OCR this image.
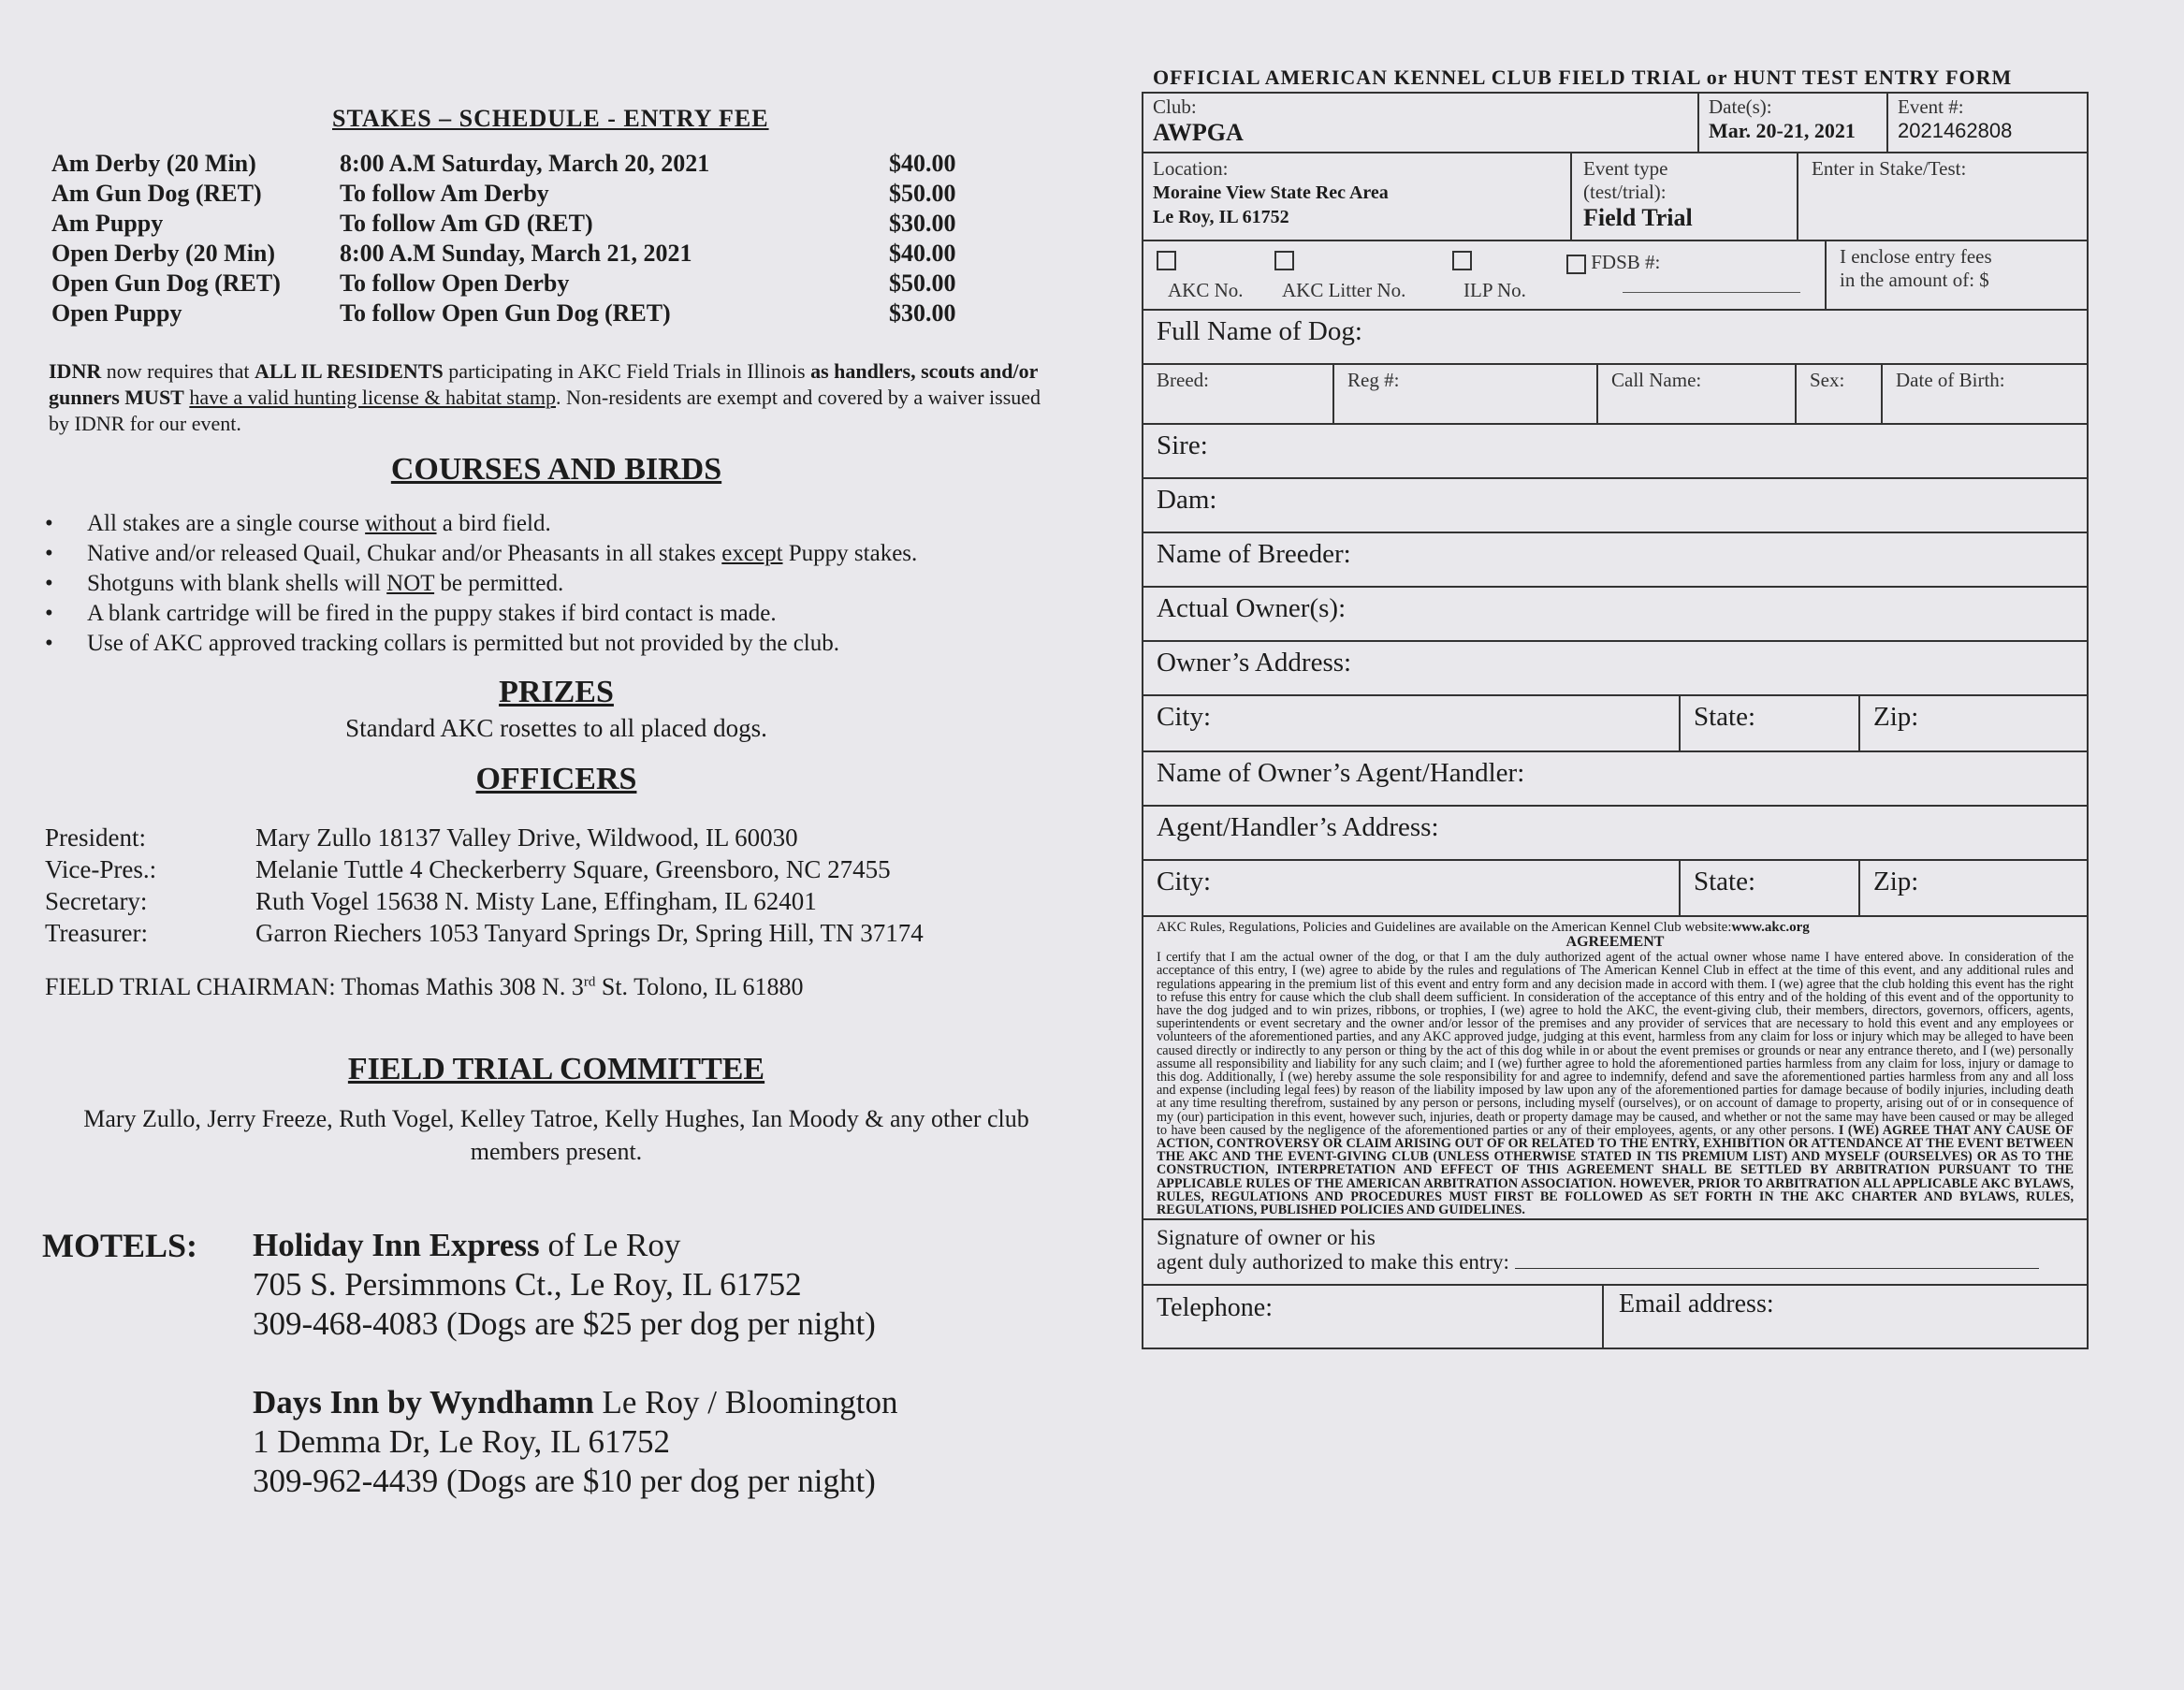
STAKES – SCHEDULE - ENTRY FEE
Am Derby (20 Min)	8:00 A.M Saturday, March 20, 2021	$40.00
Am Gun Dog (RET)	To follow Am Derby	$50.00
Am Puppy	To follow Am GD (RET)	$30.00
Open Derby (20 Min)	8:00 A.M Sunday, March 21, 2021	$40.00
Open Gun Dog (RET) To follow Open Derby	$50.00
Open Puppy	To follow Open Gun Dog (RET)	$30.00
IDNR now requires that ALL IL RESIDENTS participating in AKC Field Trials in Illinois as handlers, scouts and/or gunners MUST have a valid hunting license & habitat stamp. Non-residents are exempt and covered by a waiver issued by IDNR for our event.
COURSES AND BIRDS
• All stakes are a single course without a bird field.
• Native and/or released Quail, Chukar and/or Pheasants in all stakes except Puppy stakes.
• Shotguns with blank shells will NOT be permitted.
• A blank cartridge will be fired in the puppy stakes if bird contact is made.
• Use of AKC approved tracking collars is permitted but not provided by the club.
PRIZES
Standard AKC rosettes to all placed dogs.
OFFICERS
President:	Mary Zullo 18137 Valley Drive, Wildwood, IL 60030
Vice-Pres.:	Melanie Tuttle 4 Checkerberry Square, Greensboro, NC 27455
Secretary:	Ruth Vogel 15638 N. Misty Lane, Effingham, IL 62401
Treasurer:	Garron Riechers 1053 Tanyard Springs Dr, Spring Hill, TN 37174
FIELD TRIAL CHAIRMAN: Thomas Mathis 308 N. 3rd St. Tolono, IL 61880
FIELD TRIAL COMMITTEE
Mary Zullo, Jerry Freeze, Ruth Vogel, Kelley Tatroe, Kelly Hughes, Ian Moody & any other club members present.
MOTELS: Holiday Inn Express of Le Roy
705 S. Persimmons Ct., Le Roy, IL 61752
309-468-4083 (Dogs are $25 per dog per night)
Days Inn by Wyndhamn Le Roy / Bloomington
1 Demma Dr, Le Roy, IL 61752
309-962-4439 (Dogs are $10 per dog per night)
OFFICIAL AMERICAN KENNEL CLUB FIELD TRIAL or HUNT TEST ENTRY FORM
Club:
AWPGA
Date(s):
Mar. 20-21, 2021
Event #:
2021462808
Location:
Moraine View State Rec Area
Le Roy, IL 61752
Event type
(test/trial):
Field Trial
Enter in Stake/Test:
AKC No. AKC Litter No.	ILP No.
FDSB #:	I enclose entry fees
in the amount of: $
Full Name of Dog:
Breed:	Reg #:	Call Name:	Sex:	Date of Birth:
Sire:
Dam:
Name of Breeder:
Actual Owner(s):
Owner’s Address:
City:	State:	Zip:
Name of Owner’s Agent/Handler:
Agent/Handler’s Address:
City:	State:	Zip:
AKC Rules, Regulations, Policies and Guidelines are available on the American Kennel Club website:www.akc.org
AGREEMENT
I certify that I am the actual owner of the dog, or that I am the duly authorized agent of the actual owner whose name I have entered above. In consideration of the acceptance of this entry, I (we) agree to abide by the rules and regulations of The American Kennel Club in effect at the time of this event, and any additional rules and regulations appearing in the premium list of this event and entry form and any decision made in accord with them. I (we) agree that the club holding this event has the right to refuse this entry for cause which the club shall deem sufficient. In consideration of the acceptance of this entry and of the holding of this event and of the opportunity to have the dog judged and to win prizes, ribbons, or trophies, I (we) agree to hold the AKC, the event-giving club, their members, directors, governors, officers, agents, superintendents or event secretary and the owner and/or lessor of the premises and any provider of services that are necessary to hold this event and any employees or volunteers of the aforementioned parties, and any AKC approved judge, judging at this event, harmless from any claim for loss or injury which may be alleged to have been caused directly or indirectly to any person or thing by the act of this dog while in or about the event premises or grounds or near any entrance thereto, and I (we) personally assume all responsibility and liability for any such claim; and I (we) further agree to hold the aforementioned parties harmless from any claim for loss, injury or damage to this dog. Additionally, I (we) hereby assume the sole responsibility for and agree to indemnify, defend and save the aforementioned parties harmless from any and all loss and expense (including legal fees) by reason of the liability imposed by law upon any of the aforementioned parties for damage because of bodily injuries, including death at any time resulting therefrom, sustained by any person or persons, including myself (ourselves), or on account of damage to property, arising out of or in consequence of my (our) participation in this event, however such, injuries, death or property damage may be caused, and whether or not the same may have been caused or may be alleged to have been caused by the negligence of the aforementioned parties or any of their employees, agents, or any other persons. I (WE) AGREE THAT ANY CAUSE OF ACTION, CONTROVERSY OR CLAIM ARISING OUT OF OR RELATED TO THE ENTRY, EXHIBITION OR ATTENDANCE AT THE EVENT BETWEEN THE AKC AND THE EVENT-GIVING CLUB (UNLESS OTHERWISE STATED IN TIS PREMIUM LIST) AND MYSELF (OURSELVES) OR AS TO THE CONSTRUCTION, INTERPRETATION AND EFFECT OF THIS AGREEMENT SHALL BE SETTLED BY ARBITRATION PURSUANT TO THE APPLICABLE RULES OF THE AMERICAN ARBITRATION ASSOCIATION. HOWEVER, PRIOR TO ARBITRATION ALL APPLICABLE AKC BYLAWS, RULES, REGULATIONS AND PROCEDURES MUST FIRST BE FOLLOWED AS SET FORTH IN THE AKC CHARTER AND BYLAWS, RULES, REGULATIONS, PUBLISHED POLICIES AND GUIDELINES.
Signature of owner or his
agent duly authorized to make this entry:
Telephone:	Email address:
